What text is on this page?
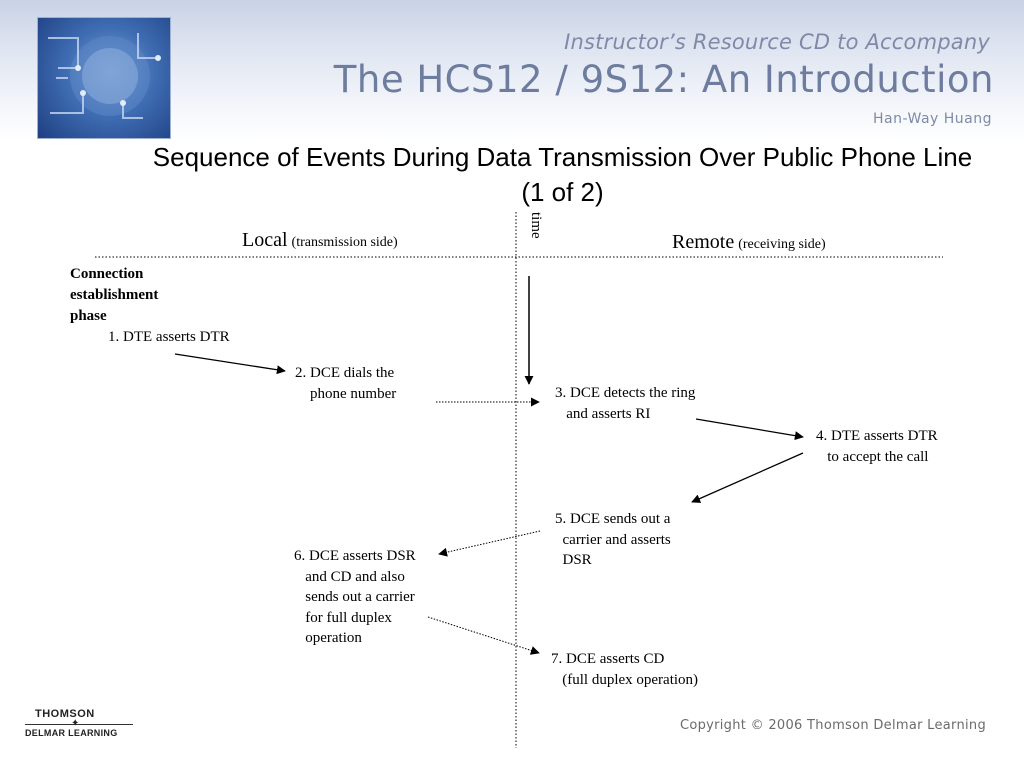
Instructor’s Resource CD to Accompany
The HCS12 / 9S12: An Introduction
Han-Way Huang
Sequence of Events During Data Transmission Over Public Phone Line
(1 of 2)
Local (transmission side)	Remote (receiving side)
time
Connection
establishment
phase
1. DTE asserts DTR
2. DCE dials the
phone number	3. DCE detects the ring
and asserts RI
4. DTE asserts DTR
to accept the call
5. DCE sends out a
carrier and asserts
DSR
6. DCE asserts DSR
and CD and also
sends out a carrier
for full duplex
operation
7. DCE asserts CD
(full duplex operation)
THOMSON
✦
DELMAR LEARNING	Copyright © 2006 Thomson Delmar Learning
